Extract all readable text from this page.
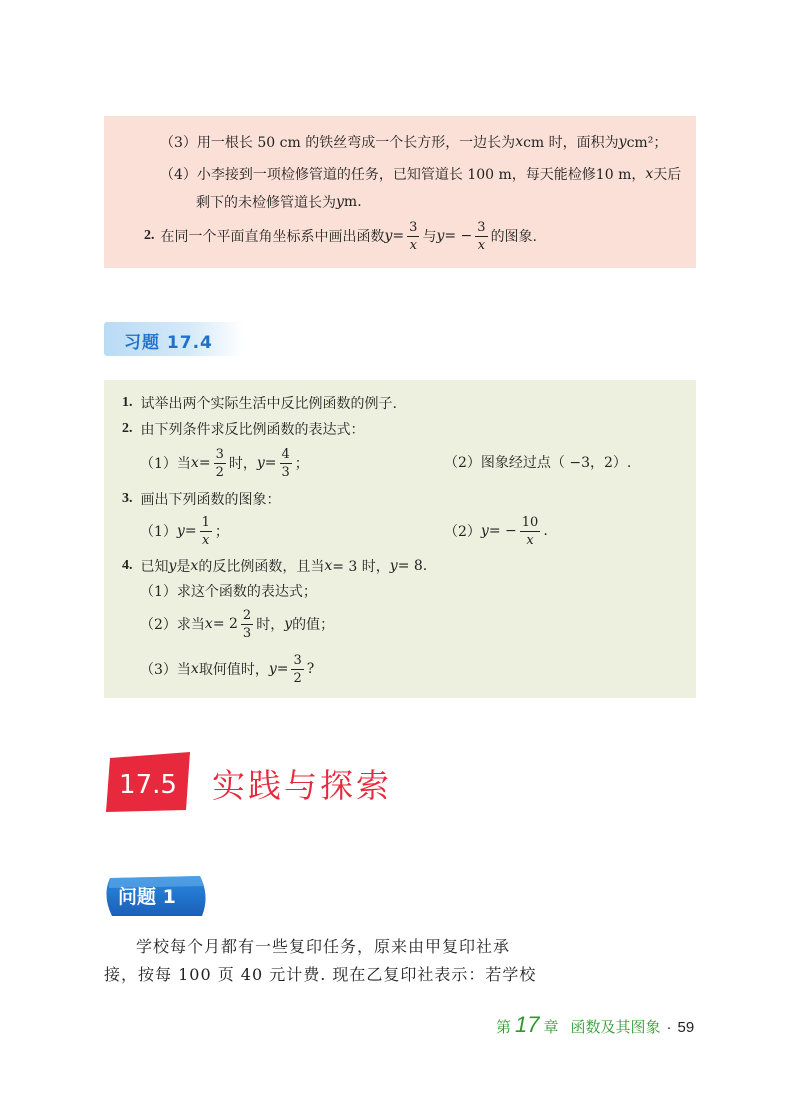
（3）用一根长 50 cm 的铁丝弯成一个长方形，一边长为 x cm 时，面积为 y cm²；
（4）小李接到一项检修管道的任务，已知管道长 100 m，每天能检修10 m， x 天后
剩下的未检修管道长为 y m.
2. 在同一个平面直角坐标系中画出函数 $y = \frac{3}{x}$ 与 y = − $\frac{3}{x}$ 的图象.
习题 17.4
1. 试举出两个实际生活中反比例函数的例子.
2. 由下列条件求反比例函数的表达式：
（1）当 $x = \frac{3}{2}$ 时， $y = \frac{4}{3}$ ；	（2）图象经过点（ −3，2）.
3. 画出下列函数的图象：
（1） $y = \frac{1}{x}$ ；	（2） y = − $\frac{10}{x}$ .
4. 已知 y 是 x 的反比例函数，且当 x = 3 时， y = 8.
（1）求这个函数的表达式；
（2）求当 $x = 2 \frac{2}{3}$ 时， y 的值；
（3）当 x 取何值时， $y = \frac{3}{2}$ ?
17.5 实践与探索
问题 1
学校每个月都有一些复印任务，原来由甲复印社承
接，按每 100 页 40 元计费. 现在乙复印社表示：若学校
第 17 章 函数及其图象 · 59
